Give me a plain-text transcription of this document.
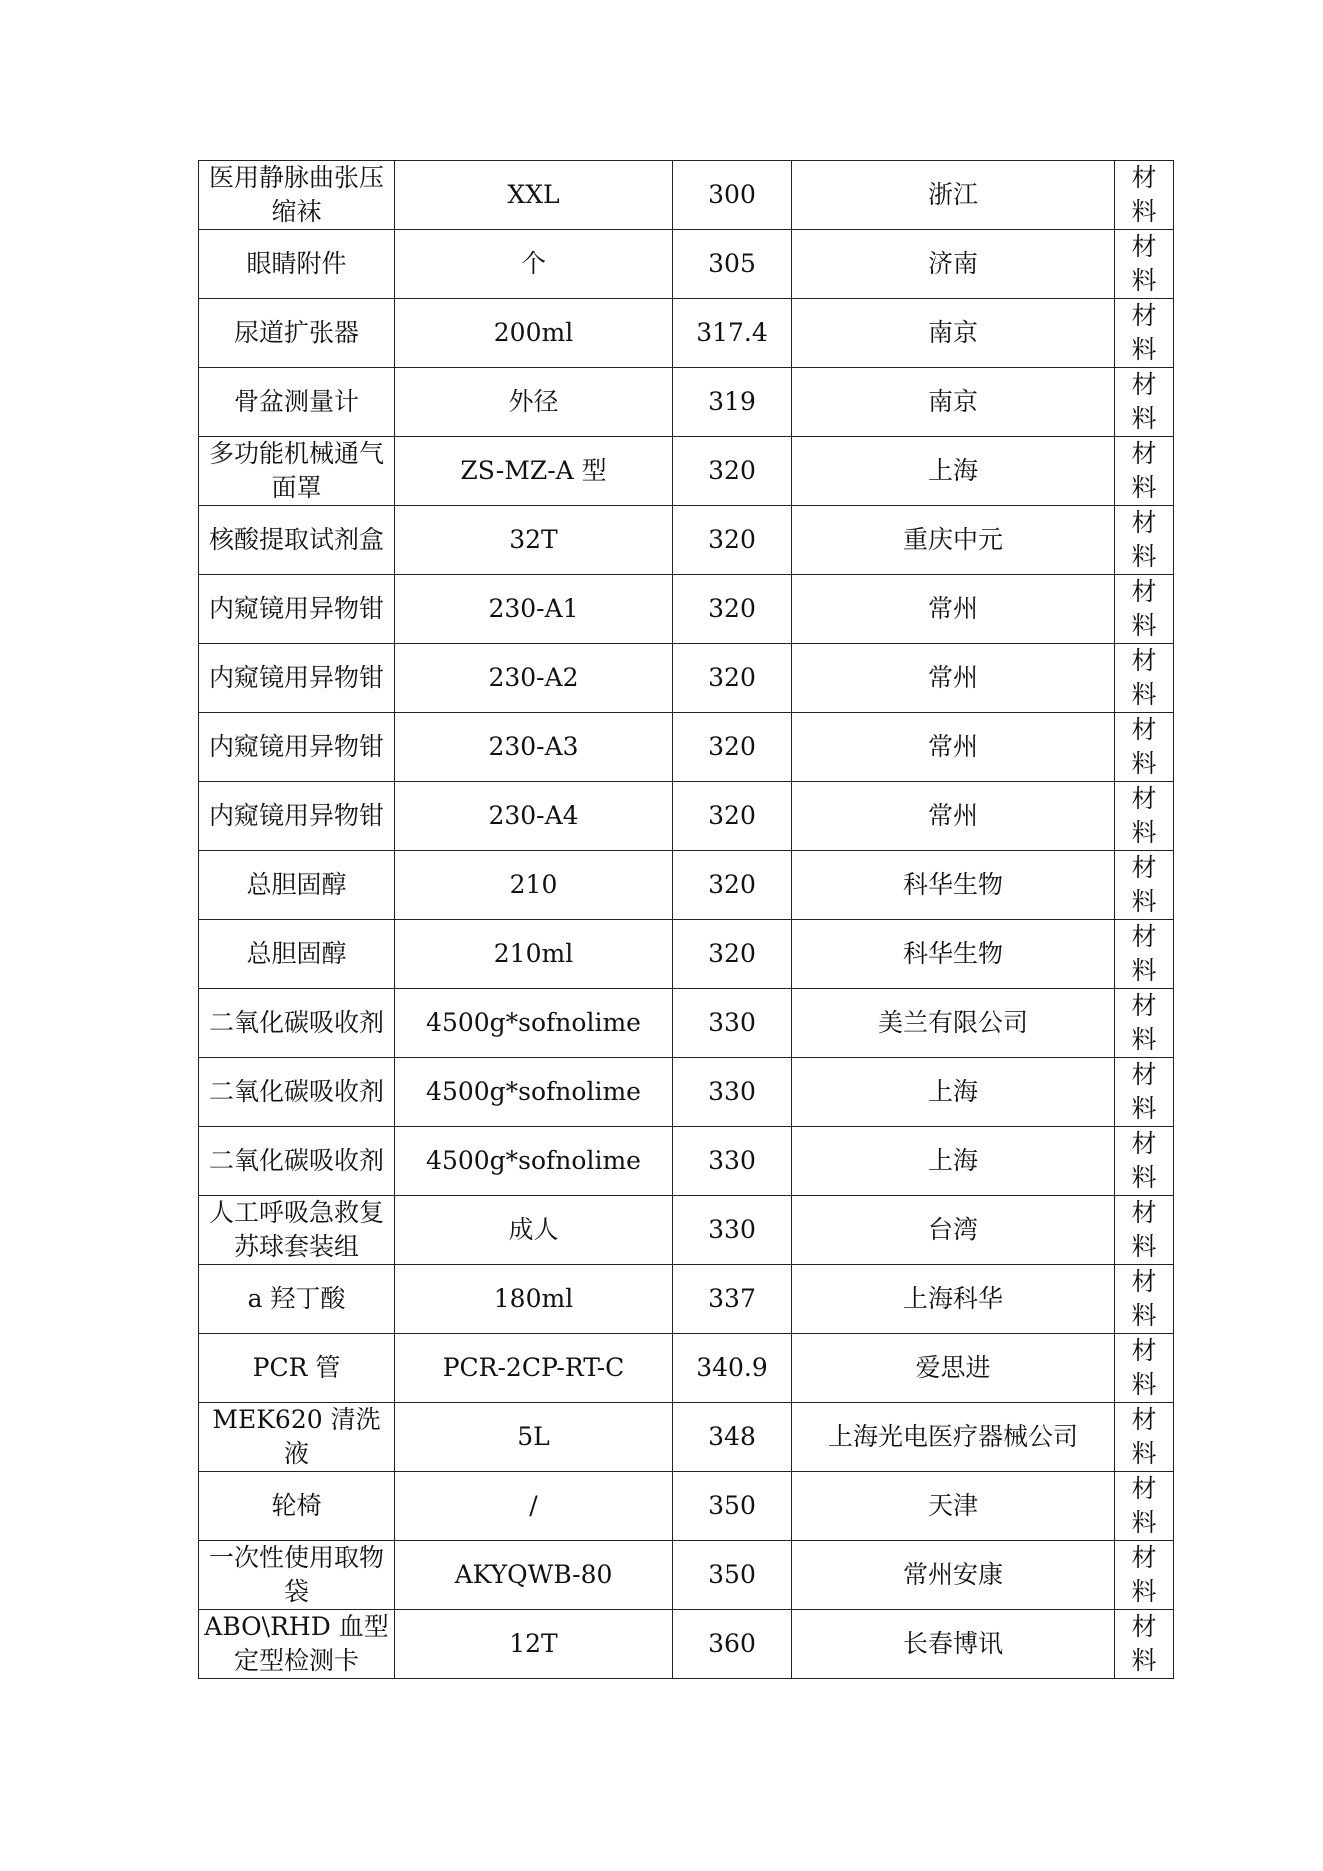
医用静脉曲张压缩袜	XXL	300	浙江	材料
眼睛附件	个	305	济南	材料
尿道扩张器	200ml	317.4	南京	材料
骨盆测量计	外径	319	南京	材料
多功能机械通气面罩	ZS-MZ-A 型	320	上海	材料
核酸提取试剂盒	32T	320	重庆中元	材料
内窥镜用异物钳	230-A1	320	常州	材料
内窥镜用异物钳	230-A2	320	常州	材料
内窥镜用异物钳	230-A3	320	常州	材料
内窥镜用异物钳	230-A4	320	常州	材料
总胆固醇	210	320	科华生物	材料
总胆固醇	210ml	320	科华生物	材料
二氧化碳吸收剂	4500g*sofnolime	330	美兰有限公司	材料
二氧化碳吸收剂	4500g*sofnolime	330	上海	材料
二氧化碳吸收剂	4500g*sofnolime	330	上海	材料
人工呼吸急救复苏球套装组	成人	330	台湾	材料
a 羟丁酸	180ml	337	上海科华	材料
PCR 管	PCR-2CP-RT-C	340.9	爱思进	材料
MEK620 清洗液	5L	348	上海光电医疗器械公司	材料
轮椅	/	350	天津	材料
一次性使用取物袋	AKYQWB-80	350	常州安康	材料
ABO\RHD 血型定型检测卡	12T	360	长春博讯	材料
